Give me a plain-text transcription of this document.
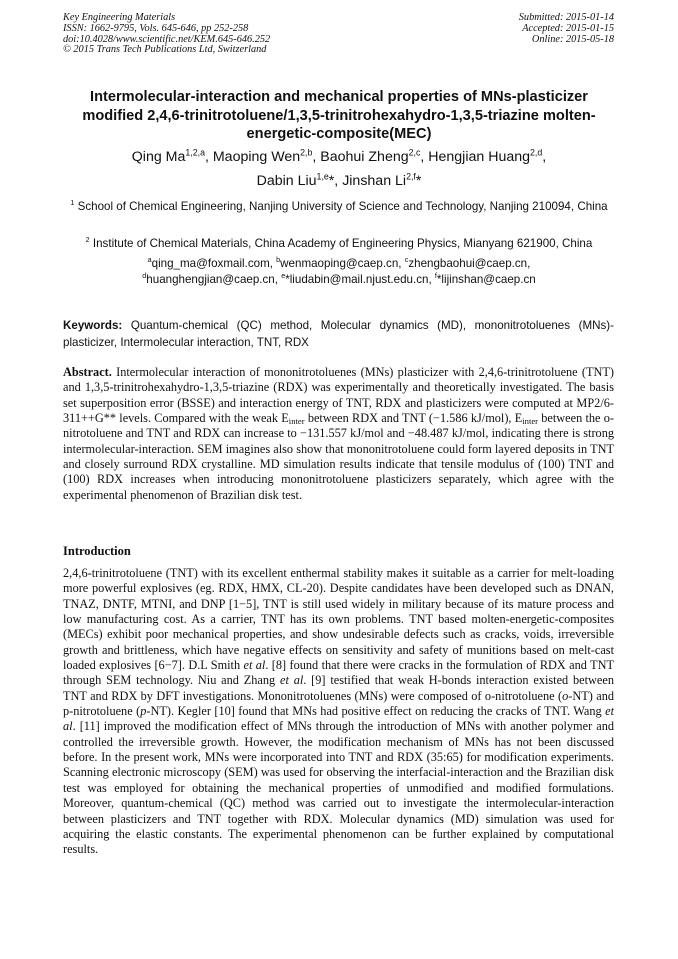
Key Engineering Materials
ISSN: 1662-9795, Vols. 645-646, pp 252-258
doi:10.4028/www.scientific.net/KEM.645-646.252
© 2015 Trans Tech Publications Ltd, Switzerland
Submitted: 2015-01-14
Accepted: 2015-01-15
Online: 2015-05-18
Intermolecular-interaction and mechanical properties of MNs-plasticizer modified 2,4,6-trinitrotoluene/1,3,5-trinitrohexahydro-1,3,5-triazine molten-energetic-composite(MEC)
Qing Ma$^{1,2,a}$, Maoping Wen$^{2,b}$, Baohui Zheng$^{2,c}$, Hengjian Huang$^{2,d}$,
Dabin Liu$^{1,e}$*, Jinshan Li$^{2,f}$*
$^1$ School of Chemical Engineering, Nanjing University of Science and Technology, Nanjing 210094, China
$^2$ Institute of Chemical Materials, China Academy of Engineering Physics, Mianyang 621900, China
$^a$qing_ma@foxmail.com, $^b$wenmaoping@caep.cn, $^c$zhengbaohui@caep.cn,
$^d$huanghengjian@caep.cn, $^e$*liudabin@mail.njust.edu.cn, $^f$*lijinshan@caep.cn
Keywords: Quantum-chemical (QC) method, Molecular dynamics (MD), mononitrotoluenes (MNs)-plasticizer, Intermolecular interaction, TNT, RDX
Abstract. Intermolecular interaction of mononitrotoluenes (MNs) plasticizer with 2,4,6-trinitrotoluene (TNT) and 1,3,5-trinitrohexahydro-1,3,5-triazine (RDX) was experimentally and theoretically investigated. The basis set superposition error (BSSE) and interaction energy of TNT, RDX and plasticizers were computed at MP2/6-311++G** levels. Compared with the weak $E_{inter}$ between RDX and TNT (−1.586 kJ/mol), $E_{inter}$ between the o-nitrotoluene and TNT and RDX can increase to −131.557 kJ/mol and −48.487 kJ/mol, indicating there is strong intermolecular-interaction. SEM imagines also show that mononitrotoluene could form layered deposits in TNT and closely surround RDX crystalline. MD simulation results indicate that tensile modulus of (100) TNT and (100) RDX increases when introducing mononitrotoluene plasticizers separately, which agree with the experimental phenomenon of Brazilian disk test.
Introduction
2,4,6-trinitrotoluene (TNT) with its excellent enthermal stability makes it suitable as a carrier for melt-loading more powerful explosives (eg. RDX, HMX, CL-20). Despite candidates have been developed such as DNAN, TNAZ, DNTF, MTNI, and DNP [1−5], TNT is still used widely in military because of its mature process and low manufacturing cost. As a carrier, TNT has its own problems. TNT based molten-energetic-composites (MECs) exhibit poor mechanical properties, and show undesirable defects such as cracks, voids, irreversible growth and brittleness, which have negative effects on sensitivity and safety of munitions based on melt-cast loaded explosives [6−7]. D.L Smith et al. [8] found that there were cracks in the formulation of RDX and TNT through SEM technology. Niu and Zhang et al. [9] testified that weak H-bonds interaction existed between TNT and RDX by DFT investigations. Mononitrotoluenes (MNs) were composed of o-nitrotoluene (o-NT) and p-nitrotoluene (p-NT). Kegler [10] found that MNs had positive effect on reducing the cracks of TNT. Wang et al. [11] improved the modification effect of MNs through the introduction of MNs with another polymer and controlled the irreversible growth. However, the modification mechanism of MNs has not been discussed before. In the present work, MNs were incorporated into TNT and RDX (35:65) for modification experiments. Scanning electronic microscopy (SEM) was used for observing the interfacial-interaction and the Brazilian disk test was employed for obtaining the mechanical properties of unmodified and modified formulations. Moreover, quantum-chemical (QC) method was carried out to investigate the intermolecular-interaction between plasticizers and TNT together with RDX. Molecular dynamics (MD) simulation was used for acquiring the elastic constants. The experimental phenomenon can be further explained by computational results.
